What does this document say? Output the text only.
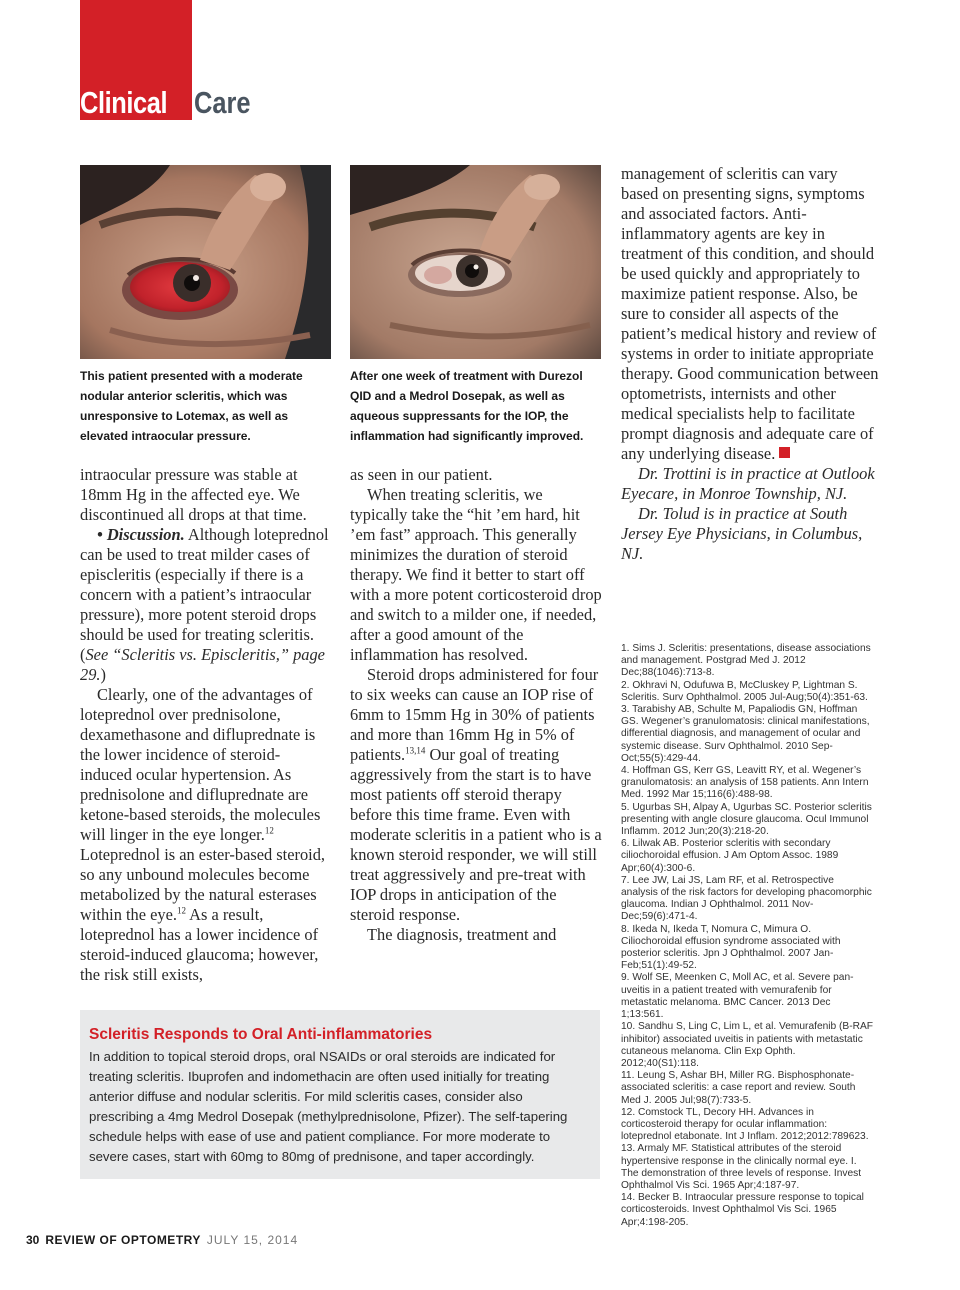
Clinical Care
This patient presented with a moderate nodular anterior scleritis, which was unresponsive to Lotemax, as well as elevated intraocular pressure.
After one week of treatment with Durezol QID and a Medrol Dosepak, as well as aqueous suppressants for the IOP, the inflammation had significantly improved.

intraocular pressure was stable at 18mm Hg in the affected eye. We discontinued all drops at that time.

• Discussion. Although loteprednol can be used to treat milder cases of episcleritis (especially if there is a concern with a patient’s intraocular pressure), more potent steroid drops should be used for treating scleritis. (See “Scleritis vs. Episcleritis,” page 29.)

Clearly, one of the advantages of loteprednol over prednisolone, dexamethasone and difluprednate is the lower incidence of steroid-induced ocular hypertension. As prednisolone and difluprednate are ketone-based steroids, the molecules will linger in the eye longer.$^{12}$ Loteprednol is an ester-based steroid, so any unbound molecules become metabolized by the natural esterases within the eye.$^{12}$ As a result, loteprednol has a lower incidence of steroid-induced glaucoma; however, the risk still exists,

as seen in our patient.

When treating scleritis, we typically take the “hit ’em hard, hit ’em fast” approach. This generally minimizes the duration of steroid therapy. We find it better to start off with a more potent corticosteroid drop and switch to a milder one, if needed, after a good amount of the inflammation has resolved.

Steroid drops administered for four to six weeks can cause an IOP rise of 6mm to 15mm Hg in 30% of patients and more than 16mm Hg in 5% of patients.$^{13,14}$ Our goal of treating aggressively from the start is to have most patients off steroid therapy before this time frame. Even with moderate scleritis in a patient who is a known steroid responder, we will still treat aggressively and pre-treat with IOP drops in anticipation of the steroid response.

The diagnosis, treatment and

management of scleritis can vary based on presenting signs, symptoms and associated factors. Anti-inflammatory agents are key in treatment of this condition, and should be used quickly and appropriately to maximize patient response. Also, be sure to consider all aspects of the patient’s medical history and review of systems in order to initiate appropriate therapy. Good communication between optometrists, internists and other medical specialists help to facilitate prompt diagnosis and adequate care of any underlying disease.

Dr. Trottini is in practice at Outlook Eyecare, in Monroe Township, NJ.

Dr. Tolud is in practice at South Jersey Eye Physicians, in Columbus, NJ.

1. Sims J. Scleritis: presentations, disease associations and management. Postgrad Med J. 2012 Dec;88(1046):713-8.
2. Okhravi N, Odufuwa B, McCluskey P, Lightman S. Scleritis. Surv Ophthalmol. 2005 Jul-Aug;50(4):351-63.
3. Tarabishy AB, Schulte M, Papaliodis GN, Hoffman GS. Wegener’s granulomatosis: clinical manifestations, differential diagnosis, and management of ocular and systemic disease. Surv Ophthalmol. 2010 Sep-Oct;55(5):429-44.
4. Hoffman GS, Kerr GS, Leavitt RY, et al. Wegener’s granulomatosis: an analysis of 158 patients. Ann Intern Med. 1992 Mar 15;116(6):488-98.
5. Ugurbas SH, Alpay A, Ugurbas SC. Posterior scleritis presenting with angle closure glaucoma. Ocul Immunol Inflamm. 2012 Jun;20(3):218-20.
6. Lilwak AB. Posterior scleritis with secondary ciliochoroidal effusion. J Am Optom Assoc. 1989 Apr;60(4):300-6.
7. Lee JW, Lai JS, Lam RF, et al. Retrospective analysis of the risk factors for developing phacomorphic glaucoma. Indian J Ophthalmol. 2011 Nov-Dec;59(6):471-4.
8. Ikeda N, Ikeda T, Nomura C, Mimura O. Ciliochoroidal effusion syndrome associated with posterior scleritis. Jpn J Ophthalmol. 2007 Jan-Feb;51(1):49-52.
9. Wolf SE, Meenken C, Moll AC, et al. Severe pan-uveitis in a patient treated with vemurafenib for metastatic melanoma. BMC Cancer. 2013 Dec 1;13:561.
10. Sandhu S, Ling C, Lim L, et al. Vemurafenib (B-RAF inhibitor) associated uveitis in patients with metastatic cutaneous melanoma. Clin Exp Ophth. 2012;40(S1):118.
11. Leung S, Ashar BH, Miller RG. Bisphosphonate-associated scleritis: a case report and review. South Med J. 2005 Jul;98(7):733-5.
12. Comstock TL, Decory HH. Advances in corticosteroid therapy for ocular inflammation: loteprednol etabonate. Int J Inflam. 2012;2012:789623.
13. Armaly MF. Statistical attributes of the steroid hypertensive response in the clinically normal eye. I. The demonstration of three levels of response. Invest Ophthalmol Vis Sci. 1965 Apr;4:187-97.
14. Becker B. Intraocular pressure response to topical corticosteroids. Invest Ophthalmol Vis Sci. 1965 Apr;4:198-205.
Scleritis Responds to Oral Anti-inflammatories

In addition to topical steroid drops, oral NSAIDs or oral steroids are indicated for treating scleritis. Ibuprofen and indomethacin are often used initially for treating anterior diffuse and nodular scleritis. For mild scleritis cases, consider also prescribing a 4mg Medrol Dosepak (methylprednisolone, Pfizer). The self-tapering schedule helps with ease of use and patient compliance. For more moderate to severe cases, start with 60mg to 80mg of prednisone, and taper accordingly.

30 REVIEW OF OPTOMETRY JULY 15, 2014
